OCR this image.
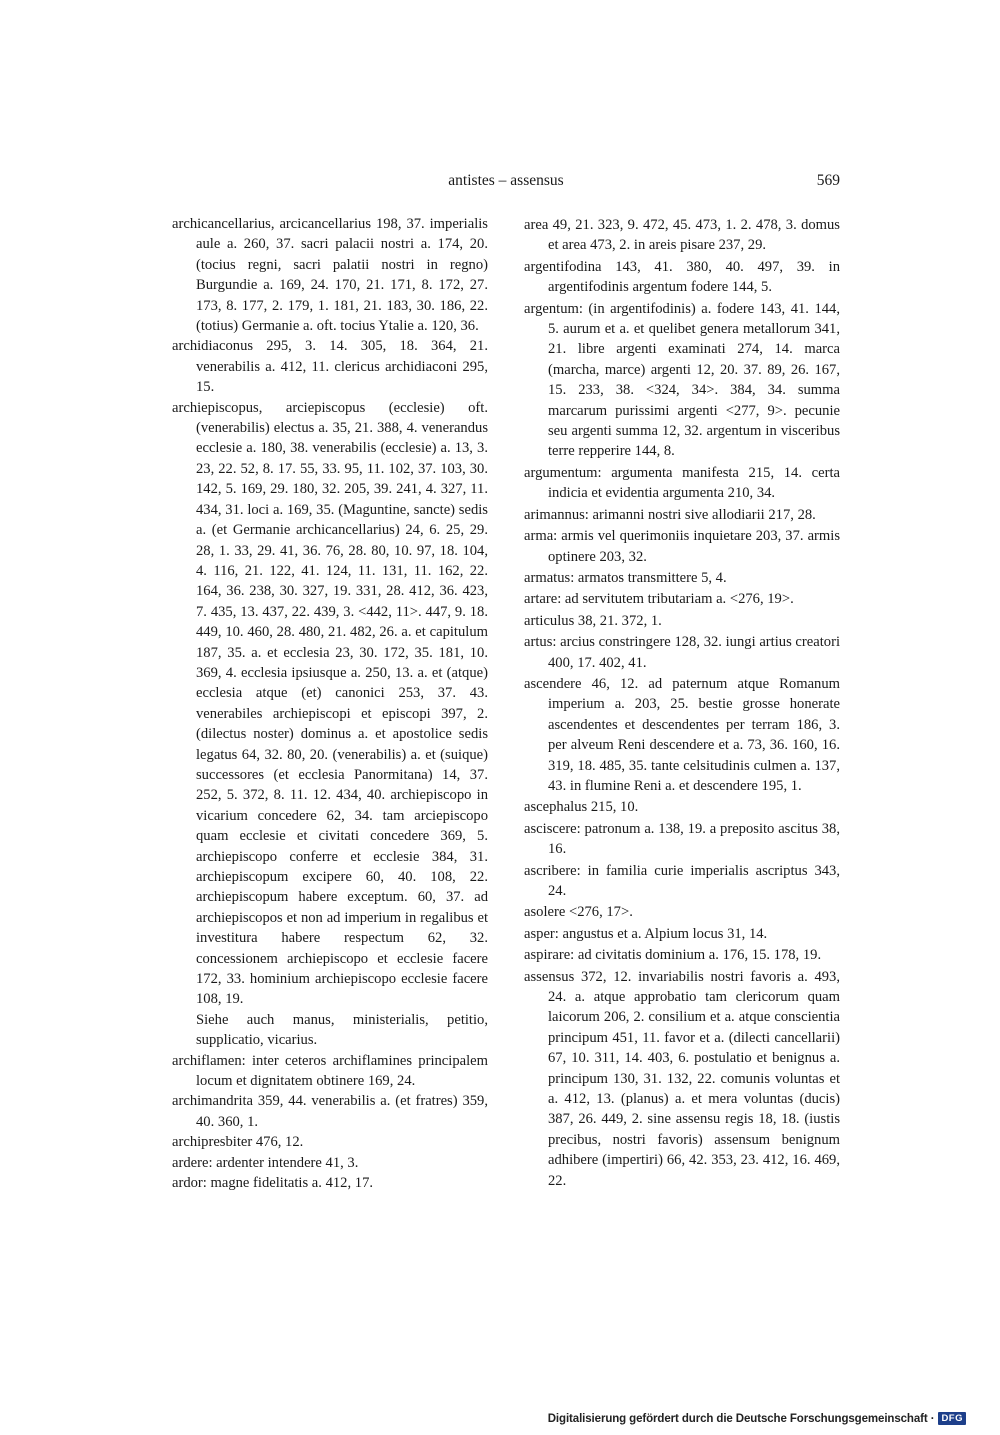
antistes – assensus	569

archicancellarius, arcicancellarius 198, 37. imperialis aule a. 260, 37. sacri palacii nostri a. 174, 20. (tocius regni, sacri palatii nostri in regno) Burgundie a. 169, 24. 170, 21. 171, 8. 172, 27. 173, 8. 177, 2. 179, 1. 181, 21. 183, 30. 186, 22. (totius) Germanie a. oft. tocius Ytalie a. 120, 36.

archidiaconus 295, 3. 14. 305, 18. 364, 21. venerabilis a. 412, 11. clericus archidiaconi 295, 15.

archiepiscopus, arciepiscopus (ecclesie) oft. (venerabilis) electus a. 35, 21. 388, 4. venerandus ecclesie a. 180, 38. venerabilis (ecclesie) a. 13, 3. 23, 22. 52, 8. 17. 55, 33. 95, 11. 102, 37. 103, 30. 142, 5. 169, 29. 180, 32. 205, 39. 241, 4. 327, 11. 434, 31. loci a. 169, 35. (Maguntine, sancte) sedis a. (et Germanie archicancellarius) 24, 6. 25, 29. 28, 1. 33, 29. 41, 36. 76, 28. 80, 10. 97, 18. 104, 4. 116, 21. 122, 41. 124, 11. 131, 11. 162, 22. 164, 36. 238, 30. 327, 19. 331, 28. 412, 36. 423, 7. 435, 13. 437, 22. 439, 3. <442, 11>. 447, 9. 18. 449, 10. 460, 28. 480, 21. 482, 26. a. et capitulum 187, 35. a. et ecclesia 23, 30. 172, 35. 181, 10. 369, 4. ecclesia ipsiusque a. 250, 13. a. et (atque) ecclesia atque (et) canonici 253, 37. 43. venerabiles archiepiscopi et episcopi 397, 2. (dilectus noster) dominus a. et apostolice sedis legatus 64, 32. 80, 20. (venerabilis) a. et (suique) successores (et ecclesia Panormitana) 14, 37. 252, 5. 372, 8. 11. 12. 434, 40. archiepiscopo in vicarium concedere 62, 34. tam arciepiscopo quam ecclesie et civitati concedere 369, 5. archiepiscopo conferre et ecclesie 384, 31. archiepiscopum excipere 60, 40. 108, 22. archiepiscopum habere exceptum. 60, 37. ad archiepiscopos et non ad imperium in regalibus et investitura habere respectum 62, 32. concessionem archiepiscopo et ecclesie facere 172, 33. hominium archiepiscopo ecclesie facere 108, 19.

Siehe auch manus, ministerialis, petitio, supplicatio, vicarius.

archiflamen: inter ceteros archiflamines principalem locum et dignitatem obtinere 169, 24.

archimandrita 359, 44. venerabilis a. (et fratres) 359, 40. 360, 1.

archipresbiter 476, 12.

ardere: ardenter intendere 41, 3.

ardor: magne fidelitatis a. 412, 17.

area 49, 21. 323, 9. 472, 45. 473, 1. 2. 478, 3. domus et area 473, 2. in areis pisare 237, 29.

argentifodina 143, 41. 380, 40. 497, 39. in argentifodinis argentum fodere 144, 5.

argentum: (in argentifodinis) a. fodere 143, 41. 144, 5. aurum et a. et quelibet genera metallorum 341, 21. libre argenti examinati 274, 14. marca (marcha, marce) argenti 12, 20. 37. 89, 26. 167, 15. 233, 38. <324, 34>. 384, 34. summa marcarum purissimi argenti <277, 9>. pecunie seu argenti summa 12, 32. argentum in visceribus terre repperire 144, 8.

argumentum: argumenta manifesta 215, 14. certa indicia et evidentia argumenta 210, 34.

arimannus: arimanni nostri sive allodiarii 217, 28.

arma: armis vel querimoniis inquietare 203, 37. armis optinere 203, 32.

armatus: armatos transmittere 5, 4.

artare: ad servitutem tributariam a. <276, 19>.

articulus 38, 21. 372, 1.

artus: arcius constringere 128, 32. iungi artius creatori 400, 17. 402, 41.

ascendere 46, 12. ad paternum atque Romanum imperium a. 203, 25. bestie grosse honerate ascendentes et descendentes per terram 186, 3. per alveum Reni descendere et a. 73, 36. 160, 16. 319, 18. 485, 35. tante celsitudinis culmen a. 137, 43. in flumine Reni a. et descendere 195, 1.

ascephalus 215, 10.

asciscere: patronum a. 138, 19. a preposito ascitus 38, 16.

ascribere: in familia curie imperialis ascriptus 343, 24.

asolere <276, 17>.

asper: angustus et a. Alpium locus 31, 14.

aspirare: ad civitatis dominium a. 176, 15. 178, 19.

assensus 372, 12. invariabilis nostri favoris a. 493, 24. a. atque approbatio tam clericorum quam laicorum 206, 2. consilium et a. atque conscientia principum 451, 11. favor et a. (dilecti cancellarii) 67, 10. 311, 14. 403, 6. postulatio et benignus a. principum 130, 31. 132, 22. comunis voluntas et a. 412, 13. (planus) a. et mera voluntas (ducis) 387, 26. 449, 2. sine assensu regis 18, 18. (iustis precibus, nostri favoris) assensum benignum adhibere (impertiri) 66, 42. 353, 23. 412, 16. 469, 22.

Digitalisierung gefördert durch die Deutsche Forschungsgemeinschaft · DFG
